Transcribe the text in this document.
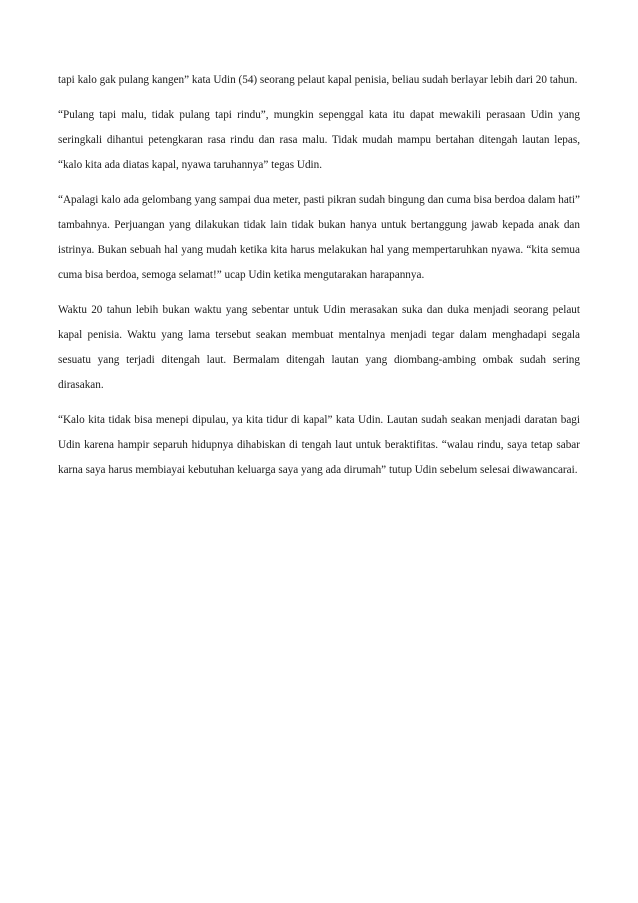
tapi kalo gak pulang kangen” kata Udin (54) seorang pelaut kapal penisia, beliau sudah berlayar lebih dari 20 tahun.

“Pulang tapi malu, tidak pulang tapi rindu”, mungkin sepenggal kata itu dapat mewakili perasaan Udin yang seringkali dihantui petengkaran rasa rindu dan rasa malu. Tidak mudah mampu bertahan ditengah lautan lepas, “kalo kita ada diatas kapal, nyawa taruhannya” tegas Udin.

“Apalagi kalo ada gelombang yang sampai dua meter, pasti pikran sudah bingung dan cuma bisa berdoa dalam hati” tambahnya. Perjuangan yang dilakukan tidak lain tidak bukan hanya untuk bertanggung jawab kepada anak dan istrinya. Bukan sebuah hal yang mudah ketika kita harus melakukan hal yang mempertaruhkan nyawa. “kita semua cuma bisa berdoa, semoga selamat!” ucap Udin ketika mengutarakan harapannya.

Waktu 20 tahun lebih bukan waktu yang sebentar untuk Udin merasakan suka dan duka menjadi seorang pelaut kapal penisia. Waktu yang lama tersebut seakan membuat mentalnya menjadi tegar dalam menghadapi segala sesuatu yang terjadi ditengah laut. Bermalam ditengah lautan yang diombang-ambing ombak sudah sering dirasakan.

“Kalo kita tidak bisa menepi dipulau, ya kita tidur di kapal” kata Udin. Lautan sudah seakan menjadi daratan bagi Udin karena hampir separuh hidupnya dihabiskan di tengah laut untuk beraktifitas. “walau rindu, saya tetap sabar karna saya harus membiayai kebutuhan keluarga saya yang ada dirumah” tutup Udin sebelum selesai diwawancarai.
